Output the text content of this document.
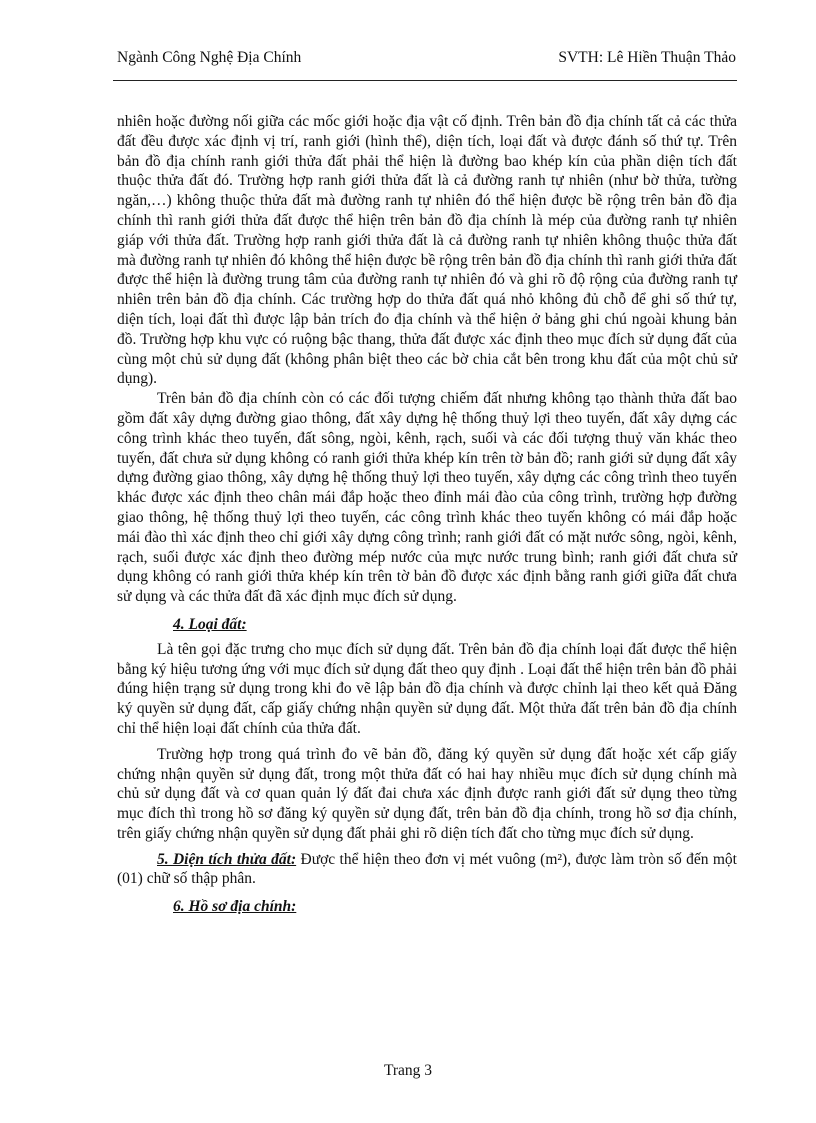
Ngành Công Nghệ Địa Chính	SVTH: Lê Hiền Thuận Thảo

nhiên hoặc đường nối giữa các mốc giới hoặc địa vật cố định. Trên bản đồ địa chính tất cả các thửa đất đều được xác định vị trí, ranh giới (hình thể), diện tích, loại đất và được đánh số thứ tự. Trên bản đồ địa chính ranh giới thửa đất phải thể hiện là đường bao khép kín của phần diện tích đất thuộc thửa đất đó. Trường hợp ranh giới thửa đất là cả đường ranh tự nhiên (như bờ thửa, tường ngăn,…) không thuộc thửa đất mà đường ranh tự nhiên đó thể hiện được bề rộng trên bản đồ địa chính thì ranh giới thửa đất được thể hiện trên bản đồ địa chính là mép của đường ranh tự nhiên giáp với thửa đất. Trường hợp ranh giới thửa đất là cả đường ranh tự nhiên không thuộc thửa đất mà đường ranh tự nhiên đó không thể hiện được bề rộng trên bản đồ địa chính thì ranh giới thửa đất được thể hiện là đường trung tâm của đường ranh tự nhiên đó và ghi rõ độ rộng của đường ranh tự nhiên trên bản đồ địa chính. Các trường hợp do thửa đất quá nhỏ không đủ chỗ để ghi số thứ tự, diện tích, loại đất thì được lập bản trích đo địa chính và thể hiện ở bảng ghi chú ngoài khung bản đồ. Trường hợp khu vực có ruộng bậc thang, thửa đất được xác định theo mục đích sử dụng đất của cùng một chủ sử dụng đất (không phân biệt theo các bờ chia cắt bên trong khu đất của một chủ sử dụng).

Trên bản đồ địa chính còn có các đối tượng chiếm đất nhưng không tạo thành thửa đất bao gồm đất xây dựng đường giao thông, đất xây dựng hệ thống thuỷ lợi theo tuyến, đất xây dựng các công trình khác theo tuyến, đất sông, ngòi, kênh, rạch, suối và các đối tượng thuỷ văn khác theo tuyến, đất chưa sử dụng không có ranh giới thửa khép kín trên tờ bản đồ; ranh giới sử dụng đất xây dựng đường giao thông, xây dựng hệ thống thuỷ lợi theo tuyến, xây dựng các công trình theo tuyến khác được xác định theo chân mái đắp hoặc theo đỉnh mái đào của công trình, trường hợp đường giao thông, hệ thống thuỷ lợi theo tuyến, các công trình khác theo tuyến không có mái đắp hoặc mái đào thì xác định theo chỉ giới xây dựng công trình; ranh giới đất có mặt nước sông, ngòi, kênh, rạch, suối được xác định theo đường mép nước của mực nước trung bình; ranh giới đất chưa sử dụng không có ranh giới thửa khép kín trên tờ bản đồ được xác định bằng ranh giới giữa đất chưa sử dụng và các thửa đất đã xác định mục đích sử dụng.

4. Loại đất:

Là tên gọi đặc trưng cho mục đích sử dụng đất. Trên bản đồ địa chính loại đất được thể hiện bằng ký hiệu tương ứng với mục đích sử dụng đất theo quy định . Loại đất thể hiện trên bản đồ phải đúng hiện trạng sử dụng trong khi đo vẽ lập bản đồ địa chính và được chỉnh lại theo kết quả Đăng ký quyền sử dụng đất, cấp giấy chứng nhận quyền sử dụng đất. Một thửa đất trên bản đồ địa chính chỉ thể hiện loại đất chính của thửa đất.

Trường hợp trong quá trình đo vẽ bản đồ, đăng ký quyền sử dụng đất hoặc xét cấp giấy chứng nhận quyền sử dụng đất, trong một thửa đất có hai hay nhiều mục đích sử dụng chính mà chủ sử dụng đất và cơ quan quản lý đất đai chưa xác định được ranh giới đất sử dụng theo từng mục đích thì trong hồ sơ đăng ký quyền sử dụng đất, trên bản đồ địa chính, trong hồ sơ địa chính, trên giấy chứng nhận quyền sử dụng đất phải ghi rõ diện tích đất cho từng mục đích sử dụng.

5. Diện tích thửa đất: Được thể hiện theo đơn vị mét vuông (m²), được làm tròn số đến một (01) chữ số thập phân.

6. Hồ sơ địa chính:
Trang 3
